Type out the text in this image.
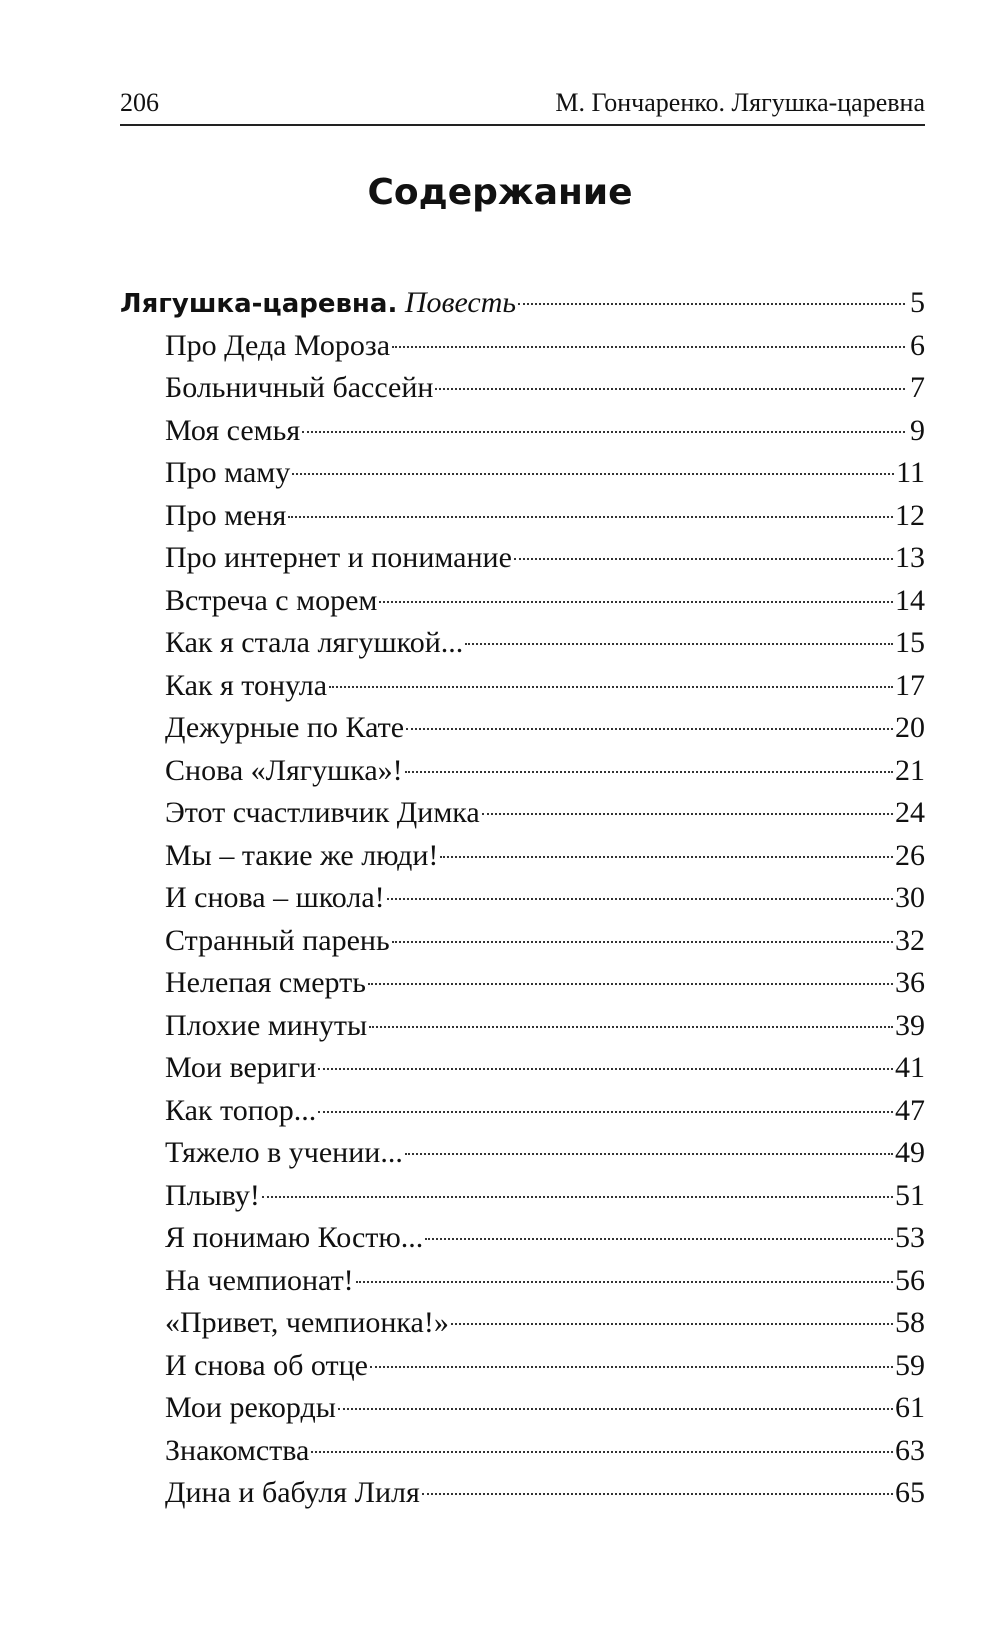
206	М. Гончаренко. Лягушка-царевна
Содержание
Лягушка-царевна. Повесть	5
Про Деда Мороза	6
Больничный бассейн	7
Моя семья	9
Про маму	11
Про меня	12
Про интернет и понимание	13
Встреча с морем	14
Как я стала лягушкой...	15
Как я тонула	17
Дежурные по Кате	20
Снова «Лягушка»!	21
Этот счастливчик Димка	24
Мы – такие же люди!	26
И снова – школа!	30
Странный парень	32
Нелепая смерть	36
Плохие минуты	39
Мои вериги	41
Как топор...	47
Тяжело в учении...	49
Плыву!	51
Я понимаю Костю...	53
На чемпионат!	56
«Привет, чемпионка!»	58
И снова об отце	59
Мои рекорды	61
Знакомства	63
Дина и бабуля Лиля	65
